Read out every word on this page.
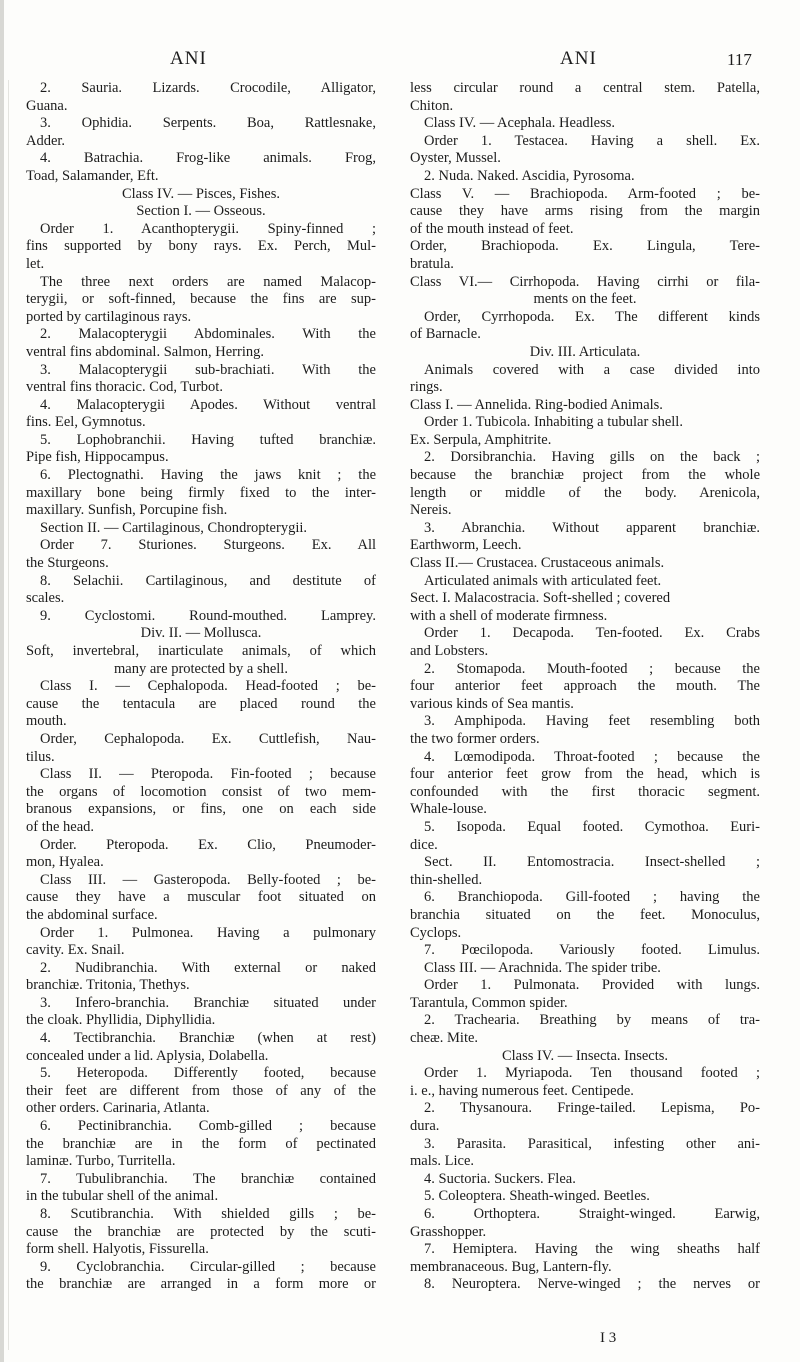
ANI	ANI	117
2. Sauria. Lizards. Crocodile, Alligator,
Guana.
3. Ophidia. Serpents. Boa, Rattlesnake,
Adder.
4. Batrachia. Frog-like animals. Frog,
Toad, Salamander, Eft.
Class IV. — Pisces, Fishes.
Section I. — Osseous.
Order 1. Acanthopterygii. Spiny-finned ;
fins supported by bony rays. Ex. Perch, Mul-
let.
The three next orders are named Malacop-
terygii, or soft-finned, because the fins are sup-
ported by cartilaginous rays.
2. Malacopterygii Abdominales. With the
ventral fins abdominal. Salmon, Herring.
3. Malacopterygii sub-brachiati. With the
ventral fins thoracic. Cod, Turbot.
4. Malacopterygii Apodes. Without ventral
fins. Eel, Gymnotus.
5. Lophobranchii. Having tufted branchiæ.
Pipe fish, Hippocampus.
6. Plectognathi. Having the jaws knit ; the
maxillary bone being firmly fixed to the inter-
maxillary. Sunfish, Porcupine fish.
Section II. — Cartilaginous, Chondropterygii.
Order 7. Sturiones. Sturgeons. Ex. All
the Sturgeons.
8. Selachii. Cartilaginous, and destitute of
scales.
9. Cyclostomi. Round-mouthed. Lamprey.
Div. II. — Mollusca.
Soft, invertebral, inarticulate animals, of which
many are protected by a shell.
Class I. — Cephalopoda. Head-footed ; be-
cause the tentacula are placed round the
mouth.
Order, Cephalopoda. Ex. Cuttlefish, Nau-
tilus.
Class II. — Pteropoda. Fin-footed ; because
the organs of locomotion consist of two mem-
branous expansions, or fins, one on each side
of the head.
Order. Pteropoda. Ex. Clio, Pneumoder-
mon, Hyalea.
Class III. — Gasteropoda. Belly-footed ; be-
cause they have a muscular foot situated on
the abdominal surface.
Order 1. Pulmonea. Having a pulmonary
cavity. Ex. Snail.
2. Nudibranchia. With external or naked
branchiæ. Tritonia, Thethys.
3. Infero-branchia. Branchiæ situated under
the cloak. Phyllidia, Diphyllidia.
4. Tectibranchia. Branchiæ (when at rest)
concealed under a lid. Aplysia, Dolabella.
5. Heteropoda. Differently footed, because
their feet are different from those of any of the
other orders. Carinaria, Atlanta.
6. Pectinibranchia. Comb-gilled ; because
the branchiæ are in the form of pectinated
laminæ. Turbo, Turritella.
7. Tubulibranchia. The branchiæ contained
in the tubular shell of the animal.
8. Scutibranchia. With shielded gills ; be-
cause the branchiæ are protected by the scuti-
form shell. Halyotis, Fissurella.
9. Cyclobranchia. Circular-gilled ; because
the branchiæ are arranged in a form more or
less circular round a central stem. Patella,
Chiton.
Class IV. — Acephala. Headless.
Order 1. Testacea. Having a shell. Ex.
Oyster, Mussel.
2. Nuda. Naked. Ascidia, Pyrosoma.
Class V. — Brachiopoda. Arm-footed ; be-
cause they have arms rising from the margin
of the mouth instead of feet.
Order, Brachiopoda. Ex. Lingula, Tere-
bratula.
Class VI.— Cirrhopoda. Having cirrhi or fila-
ments on the feet.
Order, Cyrrhopoda. Ex. The different kinds
of Barnacle.
Div. III. Articulata.
Animals covered with a case divided into
rings.
Class I. — Annelida. Ring-bodied Animals.
Order 1. Tubicola. Inhabiting a tubular shell.
Ex. Serpula, Amphitrite.
2. Dorsibranchia. Having gills on the back ;
because the branchiæ project from the whole
length or middle of the body. Arenicola,
Nereis.
3. Abranchia. Without apparent branchiæ.
Earthworm, Leech.
Class II.— Crustacea. Crustaceous animals.
Articulated animals with articulated feet.
Sect. I. Malacostracia. Soft-shelled ; covered
with a shell of moderate firmness.
Order 1. Decapoda. Ten-footed. Ex. Crabs
and Lobsters.
2. Stomapoda. Mouth-footed ; because the
four anterior feet approach the mouth. The
various kinds of Sea mantis.
3. Amphipoda. Having feet resembling both
the two former orders.
4. Lœmodipoda. Throat-footed ; because the
four anterior feet grow from the head, which is
confounded with the first thoracic segment.
Whale-louse.
5. Isopoda. Equal footed. Cymothoa. Euri-
dice.
Sect. II. Entomostracia. Insect-shelled ;
thin-shelled.
6. Branchiopoda. Gill-footed ; having the
branchia situated on the feet. Monoculus,
Cyclops.
7. Pœcilopoda. Variously footed. Limulus.
Class III. — Arachnida. The spider tribe.
Order 1. Pulmonata. Provided with lungs.
Tarantula, Common spider.
2. Trachearia. Breathing by means of tra-
cheæ. Mite.
Class IV. — Insecta. Insects.
Order 1. Myriapoda. Ten thousand footed ;
i. e., having numerous feet. Centipede.
2. Thysanoura. Fringe-tailed. Lepisma, Po-
dura.
3. Parasita. Parasitical, infesting other ani-
mals. Lice.
4. Suctoria. Suckers. Flea.
5. Coleoptera. Sheath-winged. Beetles.
6. Orthoptera. Straight-winged. Earwig,
Grasshopper.
7. Hemiptera. Having the wing sheaths half
membranaceous. Bug, Lantern-fly.
8. Neuroptera. Nerve-winged ; the nerves or
I 3
